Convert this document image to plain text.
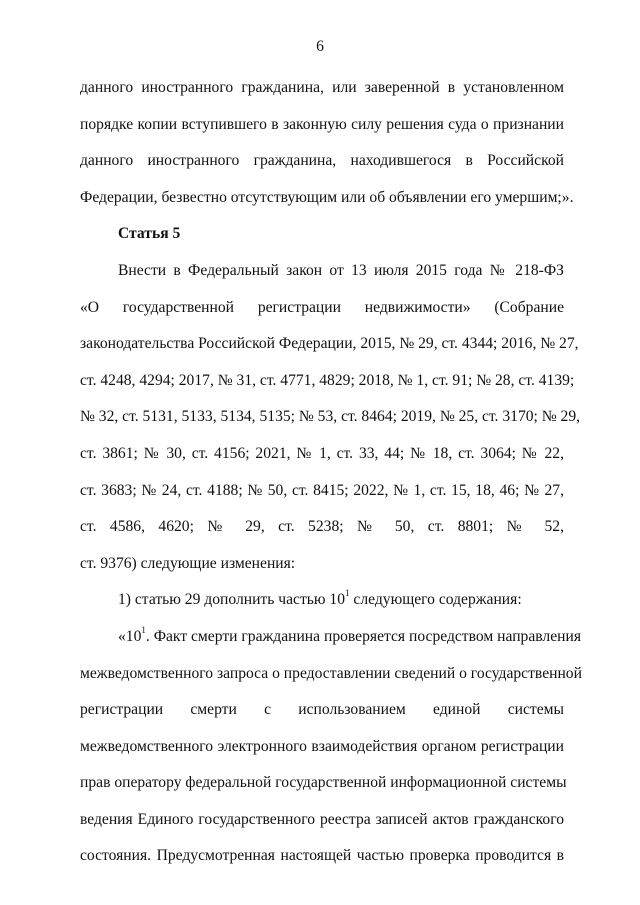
6
данного иностранного гражданина, или заверенной в установленном
порядке копии вступившего в законную силу решения суда о признании
данного иностранного гражданина, находившегося в Российской
Федерации, безвестно отсутствующим или об объявлении его умершим;».
Статья 5
Внести в Федеральный закон от 13 июля 2015 года № 218-ФЗ
«О государственной регистрации недвижимости» (Собрание
законодательства Российской Федерации, 2015, № 29, ст. 4344; 2016, № 27,
ст. 4248, 4294; 2017, № 31, ст. 4771, 4829; 2018, № 1, ст. 91; № 28, ст. 4139;
№ 32, ст. 5131, 5133, 5134, 5135; № 53, ст. 8464; 2019, № 25, ст. 3170; № 29,
ст. 3861; № 30, ст. 4156; 2021, № 1, ст. 33, 44; № 18, ст. 3064; № 22,
ст. 3683; № 24, ст. 4188; № 50, ст. 8415; 2022, № 1, ст. 15, 18, 46; № 27,
ст. 4586, 4620; № 29, ст. 5238; № 50, ст. 8801; № 52,
ст. 9376) следующие изменения:
1) статью 29 дополнить частью $10^1$ следующего содержания:
«$10^1$. Факт смерти гражданина проверяется посредством направления
межведомственного запроса о предоставлении сведений о государственной
регистрации смерти с использованием единой системы
межведомственного электронного взаимодействия органом регистрации
прав оператору федеральной государственной информационной системы
ведения Единого государственного реестра записей актов гражданского
состояния. Предусмотренная настоящей частью проверка проводится в
